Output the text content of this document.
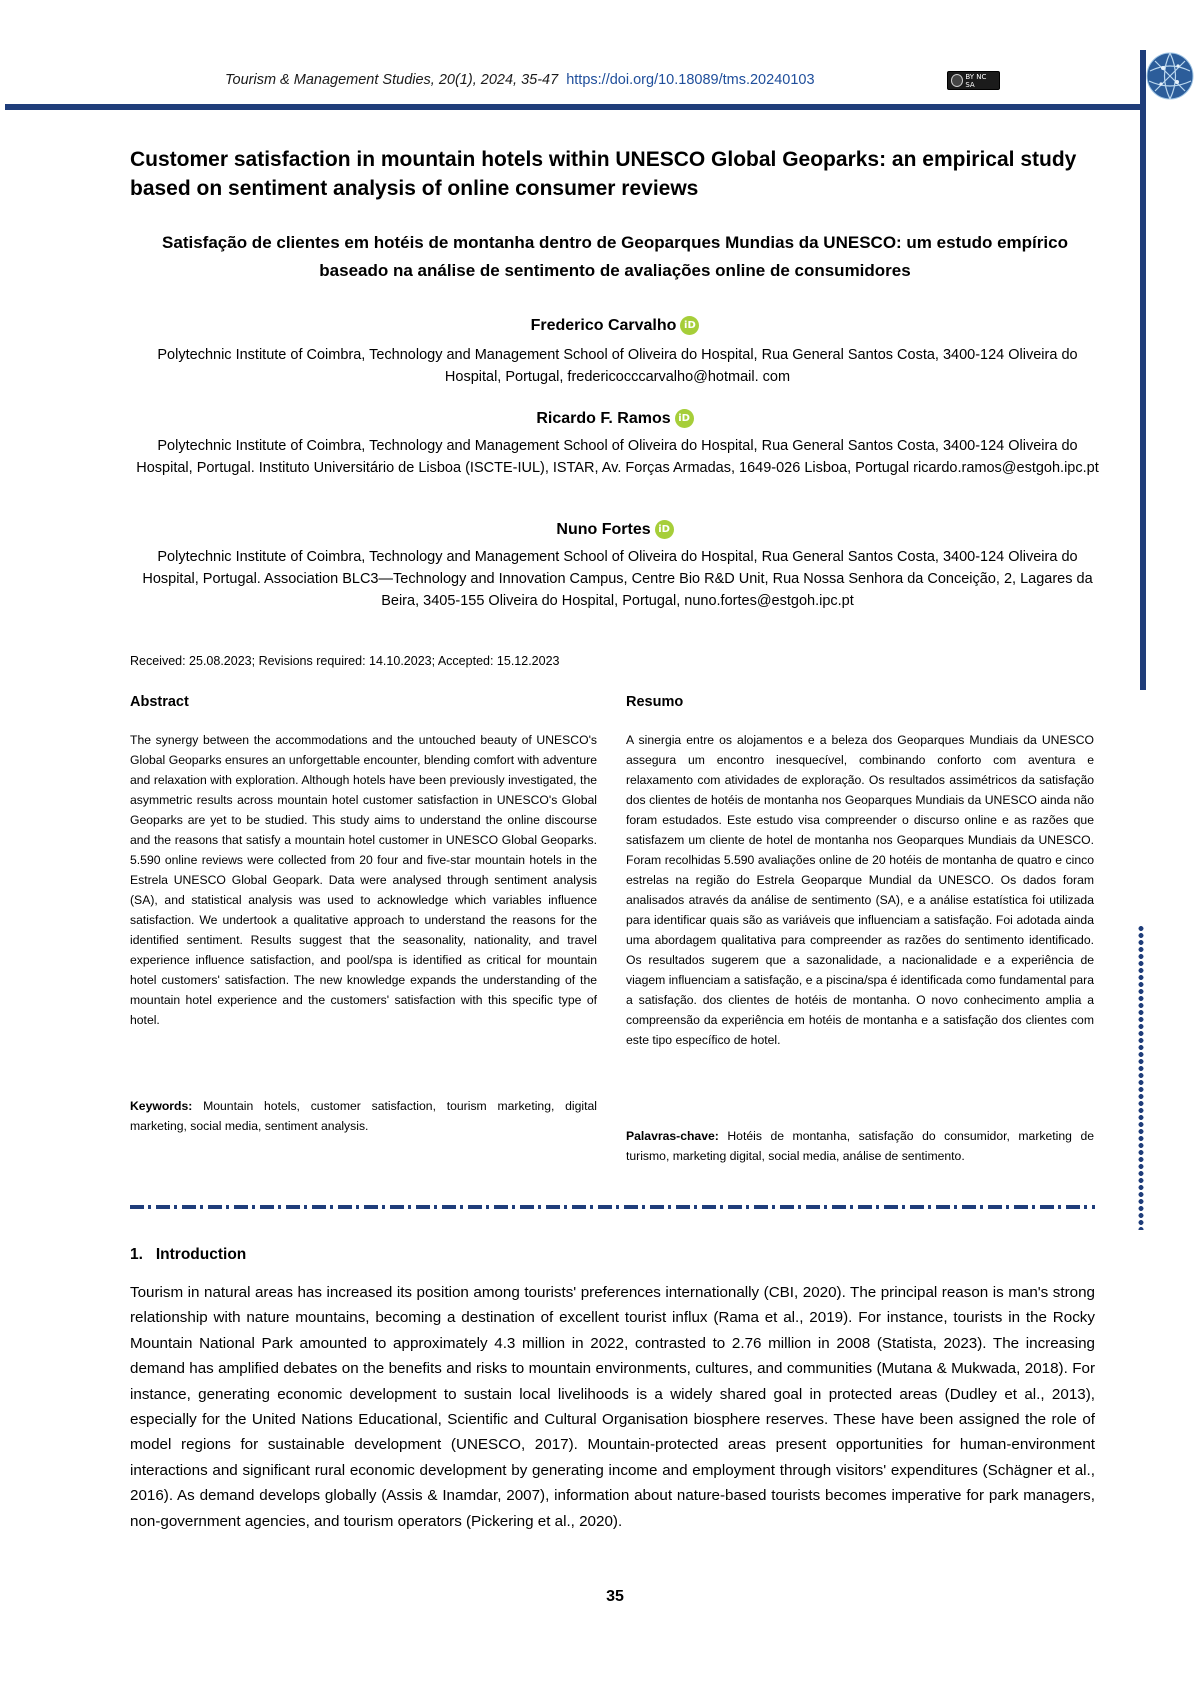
Tourism & Management Studies, 20(1), 2024, 35-47 https://doi.org/10.18089/tms.20240103	BY NC SA
Customer satisfaction in mountain hotels within UNESCO Global Geoparks: an empirical study based on sentiment analysis of online consumer reviews
Satisfação de clientes em hotéis de montanha dentro de Geoparques Mundias da UNESCO: um estudo empírico baseado na análise de sentimento de avaliações online de consumidores
Frederico Carvalho iD
Polytechnic Institute of Coimbra, Technology and Management School of Oliveira do Hospital, Rua General Santos Costa, 3400-124 Oliveira do Hospital, Portugal, fredericocccarvalho@hotmail. com
Ricardo F. Ramos iD
Polytechnic Institute of Coimbra, Technology and Management School of Oliveira do Hospital, Rua General Santos Costa, 3400-124 Oliveira do Hospital, Portugal. Instituto Universitário de Lisboa (ISCTE-IUL), ISTAR, Av. Forças Armadas, 1649-026 Lisboa, Portugal ricardo.ramos@estgoh.ipc.pt
Nuno Fortes iD
Polytechnic Institute of Coimbra, Technology and Management School of Oliveira do Hospital, Rua General Santos Costa, 3400-124 Oliveira do Hospital, Portugal. Association BLC3—Technology and Innovation Campus, Centre Bio R&D Unit, Rua Nossa Senhora da Conceição, 2, Lagares da Beira, 3405-155 Oliveira do Hospital, Portugal, nuno.fortes@estgoh.ipc.pt
Received: 25.08.2023; Revisions required: 14.10.2023; Accepted: 15.12.2023
Abstract	Resumo
The synergy between the accommodations and the untouched beauty of UNESCO's Global Geoparks ensures an unforgettable encounter, blending comfort with adventure and relaxation with exploration. Although hotels have been previously investigated, the asymmetric results across mountain hotel customer satisfaction in UNESCO's Global Geoparks are yet to be studied. This study aims to understand the online discourse and the reasons that satisfy a mountain hotel customer in UNESCO Global Geoparks. 5.590 online reviews were collected from 20 four and five-star mountain hotels in the Estrela UNESCO Global Geopark. Data were analysed through sentiment analysis (SA), and statistical analysis was used to acknowledge which variables influence satisfaction. We undertook a qualitative approach to understand the reasons for the identified sentiment. Results suggest that the seasonality, nationality, and travel experience influence satisfaction, and pool/spa is identified as critical for mountain hotel customers' satisfaction. The new knowledge expands the understanding of the mountain hotel experience and the customers' satisfaction with this specific type of hotel.
A sinergia entre os alojamentos e a beleza dos Geoparques Mundiais da UNESCO assegura um encontro inesquecível, combinando conforto com aventura e relaxamento com atividades de exploração. Os resultados assimétricos da satisfação dos clientes de hotéis de montanha nos Geoparques Mundiais da UNESCO ainda não foram estudados. Este estudo visa compreender o discurso online e as razões que satisfazem um cliente de hotel de montanha nos Geoparques Mundiais da UNESCO. Foram recolhidas 5.590 avaliações online de 20 hotéis de montanha de quatro e cinco estrelas na região do Estrela Geoparque Mundial da UNESCO. Os dados foram analisados através da análise de sentimento (SA), e a análise estatística foi utilizada para identificar quais são as variáveis que influenciam a satisfação. Foi adotada ainda uma abordagem qualitativa para compreender as razões do sentimento identificado. Os resultados sugerem que a sazonalidade, a nacionalidade e a experiência de viagem influenciam a satisfação, e a piscina/spa é identificada como fundamental para a satisfação. dos clientes de hotéis de montanha. O novo conhecimento amplia a compreensão da experiência em hotéis de montanha e a satisfação dos clientes com este tipo específico de hotel.
Keywords: Mountain hotels, customer satisfaction, tourism marketing, digital marketing, social media, sentiment analysis.
Palavras-chave: Hotéis de montanha, satisfação do consumidor, marketing de turismo, marketing digital, social media, análise de sentimento.
1. Introduction
Tourism in natural areas has increased its position among tourists' preferences internationally (CBI, 2020). The principal reason is man's strong relationship with nature mountains, becoming a destination of excellent tourist influx (Rama et al., 2019). For instance, tourists in the Rocky Mountain National Park amounted to approximately 4.3 million in 2022, contrasted to 2.76 million in 2008 (Statista, 2023). The increasing demand has amplified debates on the benefits and risks to mountain environments, cultures, and communities (Mutana & Mukwada, 2018). For instance, generating economic development to sustain local livelihoods is a widely shared goal in protected areas (Dudley et al., 2013), especially for the United Nations Educational, Scientific and Cultural Organisation biosphere reserves. These have been assigned the role of model regions for sustainable development (UNESCO, 2017). Mountain-protected areas present opportunities for human-environment interactions and significant rural economic development by generating income and employment through visitors' expenditures (Schägner et al., 2016). As demand develops globally (Assis & Inamdar, 2007), information about nature-based tourists becomes imperative for park managers, non-government agencies, and tourism operators (Pickering et al., 2020).
35
